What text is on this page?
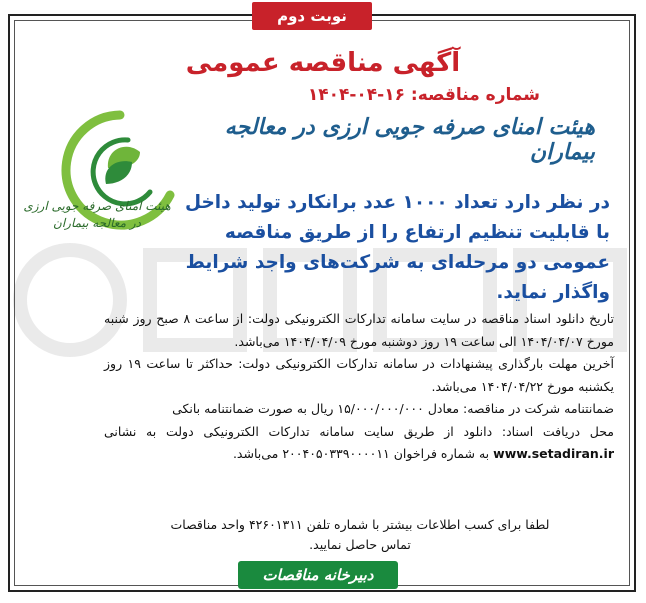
نوبت دوم
آگهی مناقصه عمومی
شماره مناقصه: ۱۶-۰۴-۱۴۰۴
هیئت امنای صرفه جویی ارزی در معالجه بیماران
هیئت امنای صرفه جویی ارزی در معالجه بیماران
در نظر دارد تعداد ۱۰۰۰ عدد برانکارد تولید داخل با قابلیت تنظیم ارتفاع را از طریق مناقصه عمومی دو مرحله‌ای به شرکت‌های واجد شرایط واگذار نماید.

تاریخ دانلود اسناد مناقصه در سایت سامانه تدارکات الکترونیکی دولت: از ساعت ۸ صبح روز شنبه مورخ ۱۴۰۴/۰۴/۰۷ الی ساعت ۱۹ روز دوشنبه مورخ ۱۴۰۴/۰۴/۰۹ می‌باشد.

آخرین مهلت بارگذاری پیشنهادات در سامانه تدارکات الکترونیکی دولت: حداکثر تا ساعت ۱۹ روز یکشنبه مورخ ۱۴۰۴/۰۴/۲۲ می‌باشد.

ضمانتنامه شرکت در مناقصه: معادل ۱۵/۰۰۰/۰۰۰/۰۰۰ ریال به صورت ضمانتنامه بانکی

محل دریافت اسناد: دانلود از طریق سایت سامانه تدارکات الکترونیکی دولت به نشانی www.setadiran.ir به شماره فراخوان ۲۰۰۴۰۵۰۳۳۹۰۰۰۰۱۱ می‌باشد.

لطفا برای کسب اطلاعات بیشتر با شماره تلفن ۴۲۶۰۱۳۱۱ واحد مناقصات تماس حاصل نمایید.
دبیرخانه مناقصات
